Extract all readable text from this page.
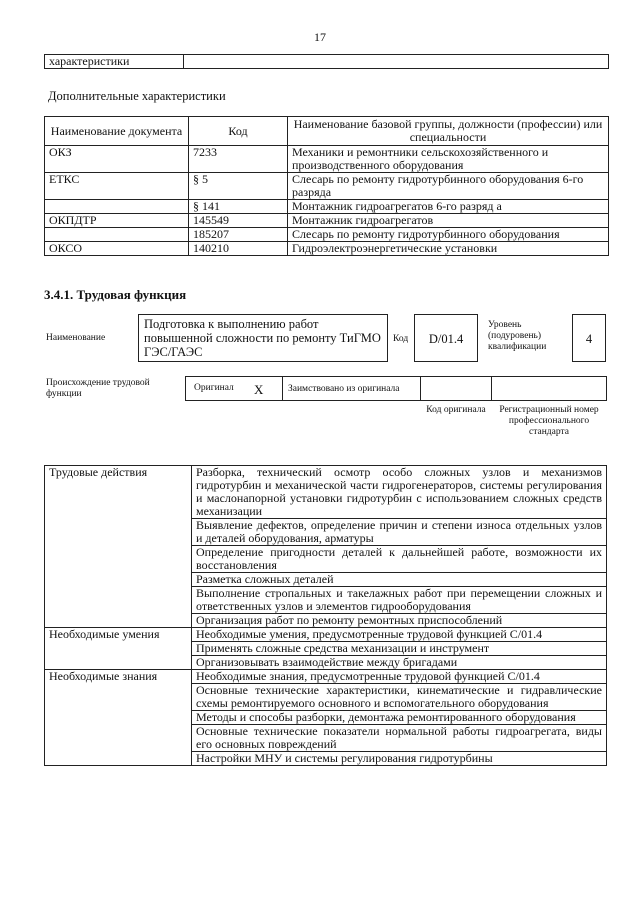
17
характеристики	
Дополнительные характеристики
Наименование документа	Код	Наименование базовой группы, должности (профессии) или специальности
ОКЗ	7233	Механики и ремонтники сельскохозяйственного и производственного оборудования
ЕТКС	§ 5	Слесарь по ремонту гидротурбинного оборудования 6-го разряда
	§ 141	Монтажник гидроагрегатов 6-го разряд а
ОКПДТР	145549	Монтажник гидроагрегатов
	185207	Слесарь по ремонту гидротурбинного оборудования
ОКСО	140210	Гидроэлектроэнергетические установки
3.4.1. Трудовая функция
Наименование
Подготовка к выполнению работ повышенной сложности по ремонту ТиГМО ГЭС/ГАЭС
Код	D/01.4
Уровень (подуровень) квалификации
4
Происхождение трудовой функции
Оригинал X	Заимствовано из оригинала
Код оригинала	Регистрационный номер профессионального стандарта
Трудовые действия	Разборка, технический осмотр особо сложных узлов и механизмов гидротурбин и механической части гидрогенераторов, системы регулирования и маслонапорной установки гидротурбин с использованием сложных средств механизации
	Выявление дефектов, определение причин и степени износа отдельных узлов и деталей оборудования, арматуры
	Определение пригодности деталей к дальнейшей работе, возможности их восстановления
	Разметка сложных деталей
	Выполнение стропальных и такелажных работ при перемещении сложных и ответственных узлов и элементов гидрооборудования
	Организация работ по ремонту ремонтных приспособлений
Необходимые умения	Необходимые умения, предусмотренные трудовой функцией С/01.4
	Применять сложные средства механизации и инструмент
	Организовывать взаимодействие между бригадами
Необходимые знания	Необходимые знания, предусмотренные трудовой функцией С/01.4
	Основные технические характеристики, кинематические и гидравлические схемы ремонтируемого основного и вспомогательного оборудования
	Методы и способы разборки, демонтажа ремонтированного оборудования
	Основные технические показатели нормальной работы гидроагрегата, виды его основных повреждений
	Настройки МНУ и системы регулирования гидротурбины
